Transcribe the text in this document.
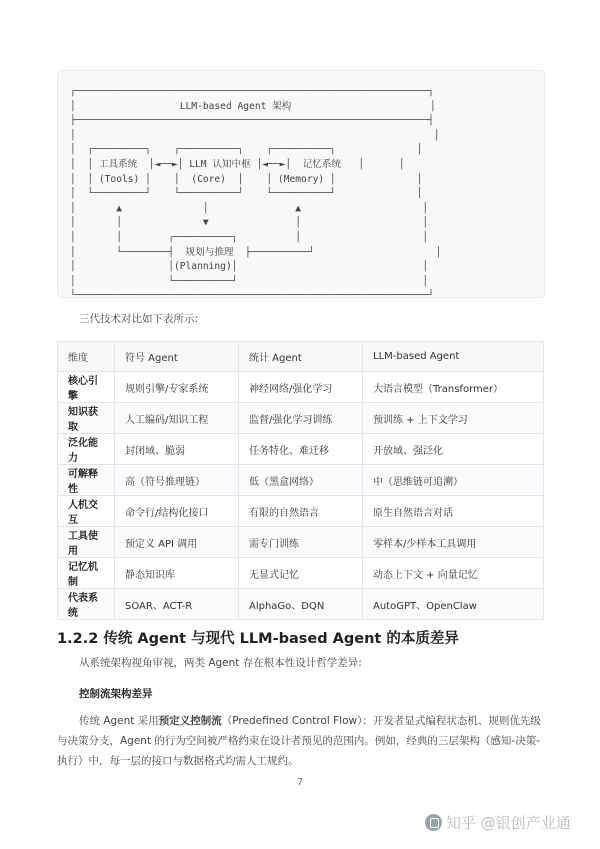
┌─────────────────────────────────────────────────────────────┐
│                  LLM-based Agent 架构                        │
├─────────────────────────────────────────────────────────────┤
│                                                              │
│  ┌─────────┐    ┌──────────┐    ┌──────────┐              │
│  │ 工具系统  │◄──►│ LLM 认知中枢 │◄──►│  记忆系统   │      │
│  │ (Tools) │    │  (Core)  │    │ (Memory) │              │
│  └─────────┘    └──────────┘    └──────────┘              │
│       ▲              │               ▲                     │
│       │              ▼               │                     │
│       │        ┌──────────┐          │                     │
│       └────────┤  规划与推理  ├──────────┘                     │
│                │(Planning)│                                │
│                └──────────┘                                │
└─────────────────────────────────────────────────────────────┘
三代技术对比如下表所示:
维度	符号 Agent	统计 Agent	LLM-based Agent
核心引擎	规则引擎/专家系统	神经网络/强化学习	大语言模型（Transformer）
知识获取	人工编码/知识工程	监督/强化学习训练	预训练 + 上下文学习
泛化能力	封闭域、脆弱	任务特化、难迁移	开放域、强泛化
可解释性	高（符号推理链）	低（黑盒网络）	中（思维链可追溯）
人机交互	命令行/结构化接口	有限的自然语言	原生自然语言对话
工具使用	预定义 API 调用	需专门训练	零样本/少样本工具调用
记忆机制	静态知识库	无显式记忆	动态上下文 + 向量记忆
代表系统	SOAR、ACT-R	AlphaGo、DQN	AutoGPT、OpenClaw
1.2.2 传统 Agent 与现代 LLM-based Agent 的本质差异
从系统架构视角审视，两类 Agent 存在根本性设计哲学差异:
控制流架构差异
传统 Agent 采用预定义控制流（Predefined Control Flow）：开发者显式编程状态机、规则优先级与决策分支，Agent 的行为空间被严格约束在设计者预见的范围内。例如，经典的三层架构（感知-决策-执行）中，每一层的接口与数据格式均需人工规约。
7
知乎 @银创产业通
